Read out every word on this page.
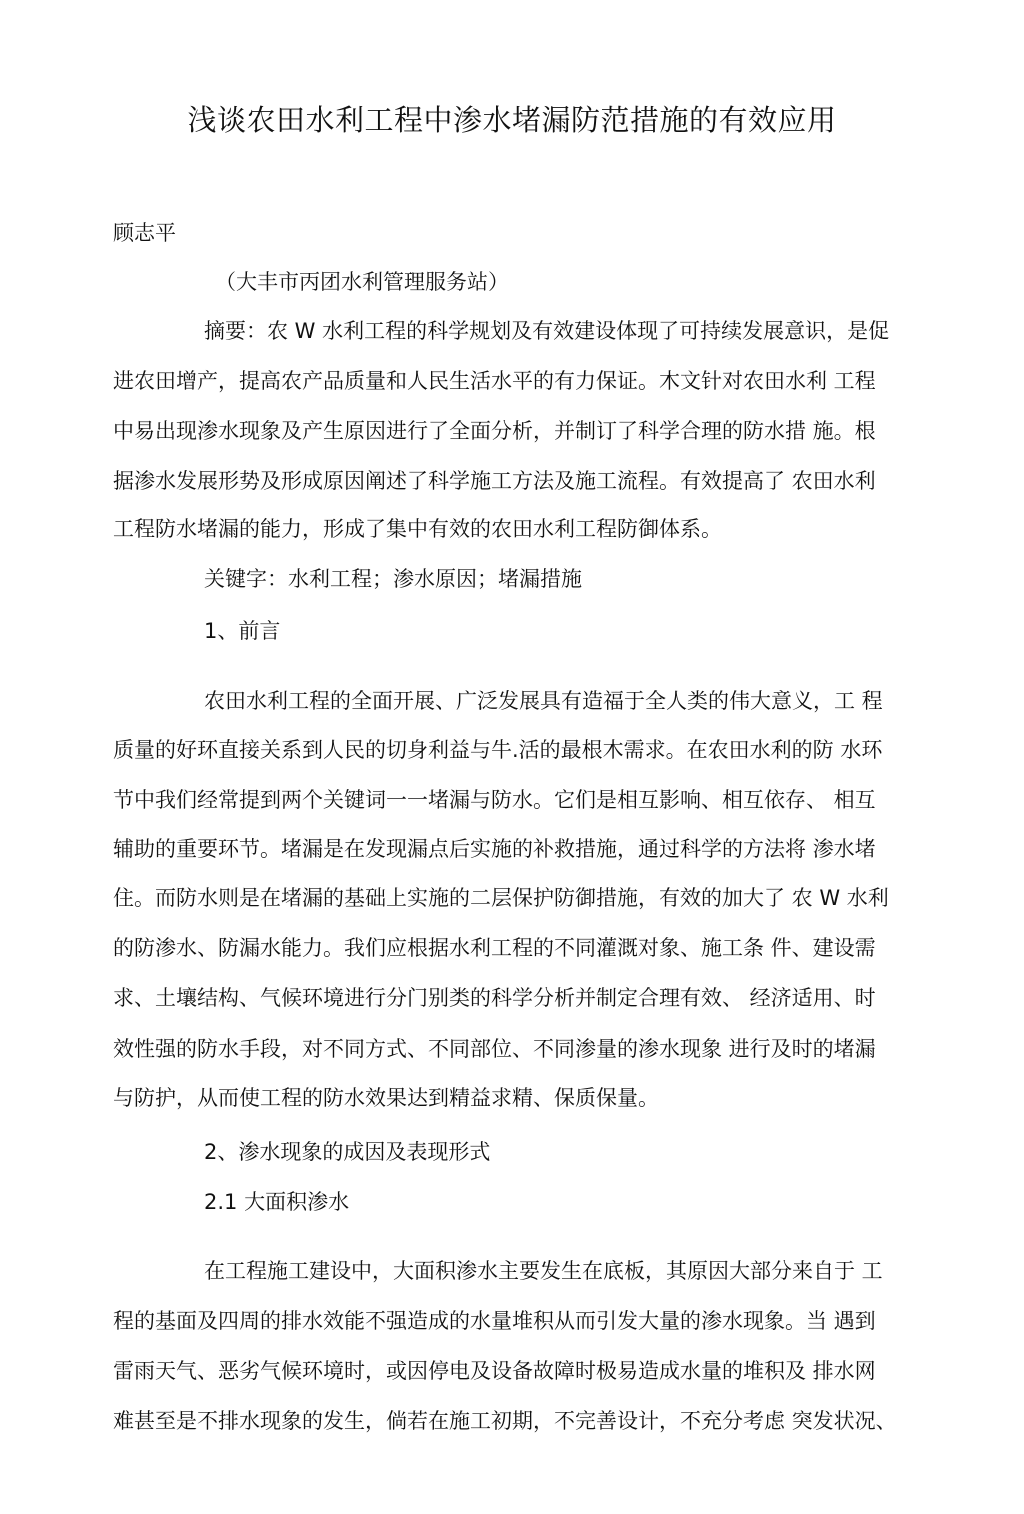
浅谈农田水利工程中渗水堵漏防范措施的有效应用
顾志平
（大丰市丙团水利管理服务站）
摘要：农 W 水利工程的科学规划及有效建设体现了可持续发展意识，是促
进农田增产，提高农产品质量和人民生活水平的有力保证。木文针对农田水利 工程
中易出现渗水现象及产生原因进行了全面分析，并制订了科学合理的防水措 施。根
据渗水发展形势及形成原因阐述了科学施工方法及施工流程。有效提高了 农田水利
工程防水堵漏的能力，形成了集中有效的农田水利工程防御体系。
关键字：水利工程；渗水原因；堵漏措施
1、前言
农田水利工程的全面开展、广泛发展具有造福于全人类的伟大意义，工 程
质量的好环直接关系到人民的切身利益与牛.活的最根木需求。在农田水利的防 水环
节中我们经常提到两个关键词一一堵漏与防水。它们是相互影响、相互依存、 相互
辅助的重要环节。堵漏是在发现漏点后实施的补救措施，通过科学的方法将 渗水堵
住。而防水则是在堵漏的基础上实施的二层保护防御措施，有效的加大了 农 W 水利
的防渗水、防漏水能力。我们应根据水利工程的不同灌溉对象、施工条 件、建设需
求、土壤结构、气候环境进行分门别类的科学分析并制定合理有效、 经济适用、时
效性强的防水手段，对不同方式、不同部位、不同渗量的渗水现象 进行及时的堵漏
与防护，从而使工程的防水效果达到精益求精、保质保量。
2、渗水现象的成因及表现形式
2.1 大面积渗水
在工程施工建设中，大面积渗水主要发生在底板，其原因大部分来自于 工
程的基面及四周的排水效能不强造成的水量堆积从而引发大量的渗水现象。当 遇到
雷雨天气、恶劣气候环境时，或因停电及设备故障时极易造成水量的堆积及 排水网
难甚至是不排水现象的发生，倘若在施工初期，不完善设计，不充分考虑 突发状况、
